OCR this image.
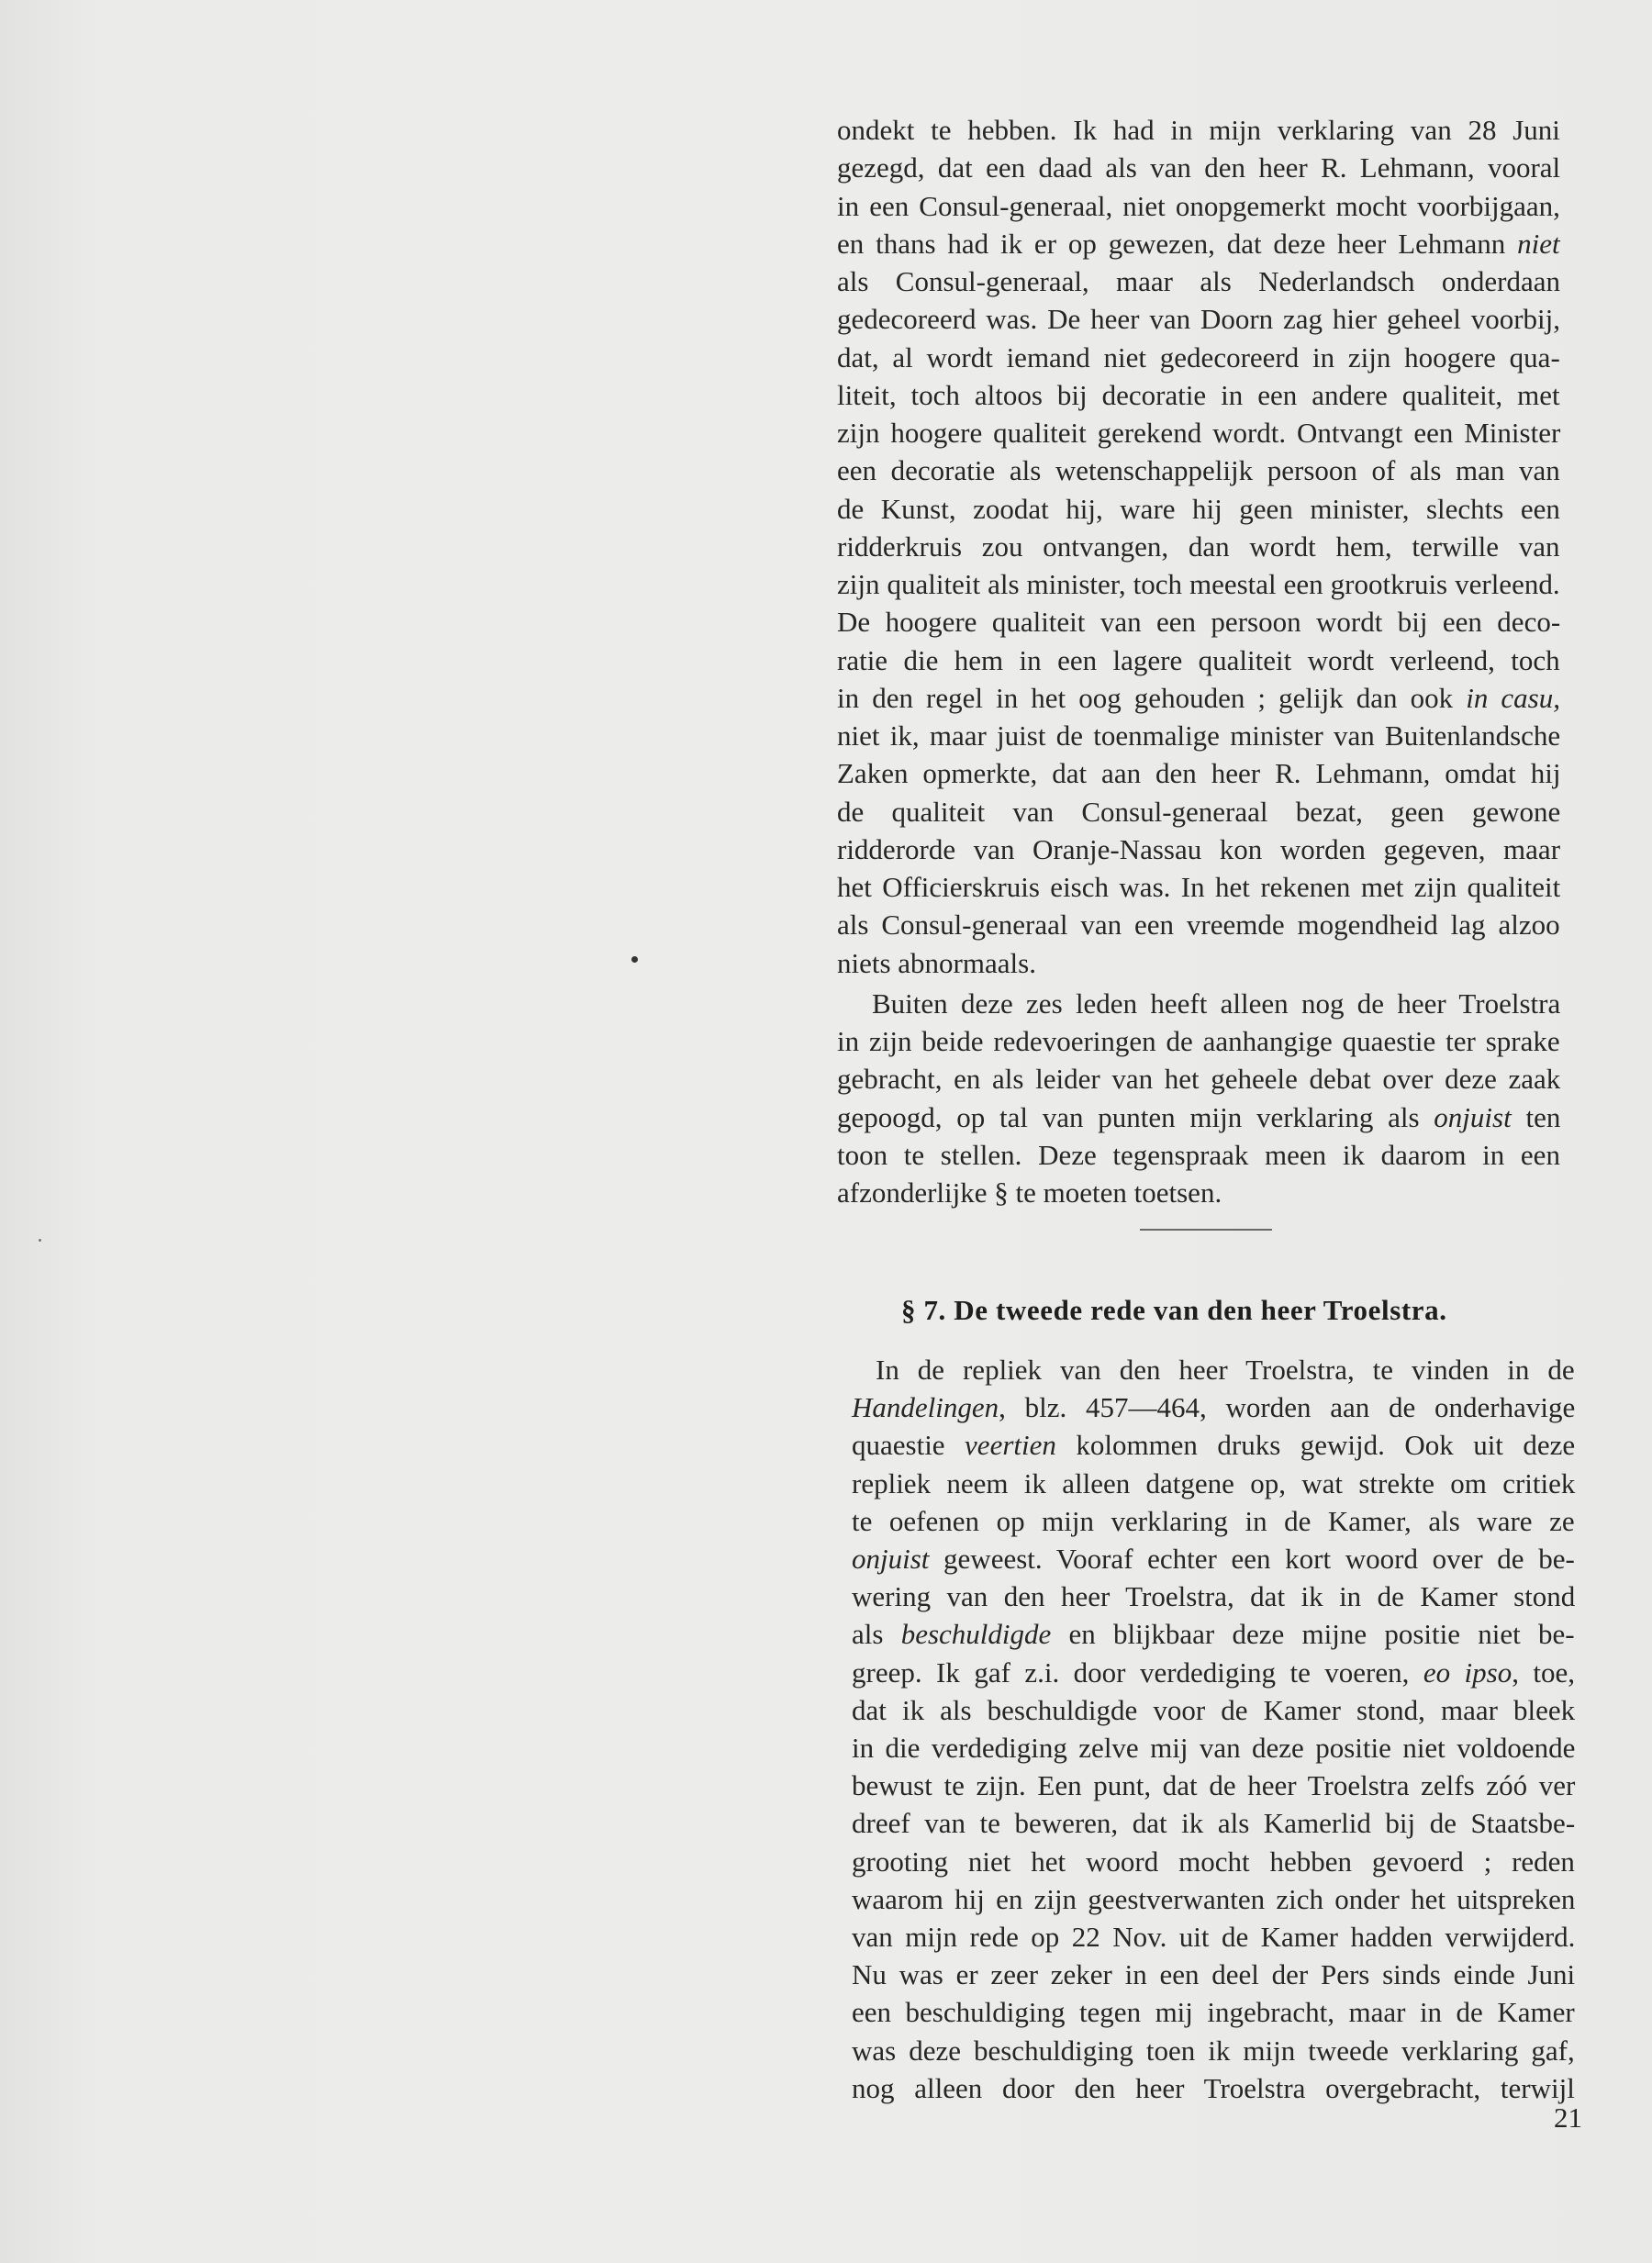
ondekt te hebben. Ik had in mijn verklaring van 28 Juni
gezegd, dat een daad als van den heer R. Lehmann, vooral
in een Consul-generaal, niet onopgemerkt mocht voorbijgaan,
en thans had ik er op gewezen, dat deze heer Lehmann niet
als Consul-generaal, maar als Nederlandsch onderdaan
gedecoreerd was. De heer van Doorn zag hier geheel voorbij,
dat, al wordt iemand niet gedecoreerd in zijn hoogere qua-
liteit, toch altoos bij decoratie in een andere qualiteit, met
zijn hoogere qualiteit gerekend wordt. Ontvangt een Minister
een decoratie als wetenschappelijk persoon of als man van
de Kunst, zoodat hij, ware hij geen minister, slechts een
ridderkruis zou ontvangen, dan wordt hem, terwille van
zijn qualiteit als minister, toch meestal een grootkruis verleend.
De hoogere qualiteit van een persoon wordt bij een deco-
ratie die hem in een lagere qualiteit wordt verleend, toch
in den regel in het oog gehouden ; gelijk dan ook in casu,
niet ik, maar juist de toenmalige minister van Buitenlandsche
Zaken opmerkte, dat aan den heer R. Lehmann, omdat hij
de qualiteit van Consul-generaal bezat, geen gewone
ridderorde van Oranje-Nassau kon worden gegeven, maar
het Officierskruis eisch was. In het rekenen met zijn qualiteit
als Consul-generaal van een vreemde mogendheid lag alzoo
niets abnormaals.
Buiten deze zes leden heeft alleen nog de heer Troelstra
in zijn beide redevoeringen de aanhangige quaestie ter sprake
gebracht, en als leider van het geheele debat over deze zaak
gepoogd, op tal van punten mijn verklaring als onjuist ten
toon te stellen. Deze tegenspraak meen ik daarom in een
afzonderlijke § te moeten toetsen.
§ 7. De tweede rede van den heer Troelstra.
In de repliek van den heer Troelstra, te vinden in de
Handelingen, blz. 457—464, worden aan de onderhavige
quaestie veertien kolommen druks gewijd. Ook uit deze
repliek neem ik alleen datgene op, wat strekte om critiek
te oefenen op mijn verklaring in de Kamer, als ware ze
onjuist geweest. Vooraf echter een kort woord over de be-
wering van den heer Troelstra, dat ik in de Kamer stond
als beschuldigde en blijkbaar deze mijne positie niet be-
greep. Ik gaf z.i. door verdediging te voeren, eo ipso, toe,
dat ik als beschuldigde voor de Kamer stond, maar bleek
in die verdediging zelve mij van deze positie niet voldoende
bewust te zijn. Een punt, dat de heer Troelstra zelfs zóó ver
dreef van te beweren, dat ik als Kamerlid bij de Staatsbe-
grooting niet het woord mocht hebben gevoerd ; reden
waarom hij en zijn geestverwanten zich onder het uitspreken
van mijn rede op 22 Nov. uit de Kamer hadden verwijderd.
Nu was er zeer zeker in een deel der Pers sinds einde Juni
een beschuldiging tegen mij ingebracht, maar in de Kamer
was deze beschuldiging toen ik mijn tweede verklaring gaf,
nog alleen door den heer Troelstra overgebracht, terwijl
21
